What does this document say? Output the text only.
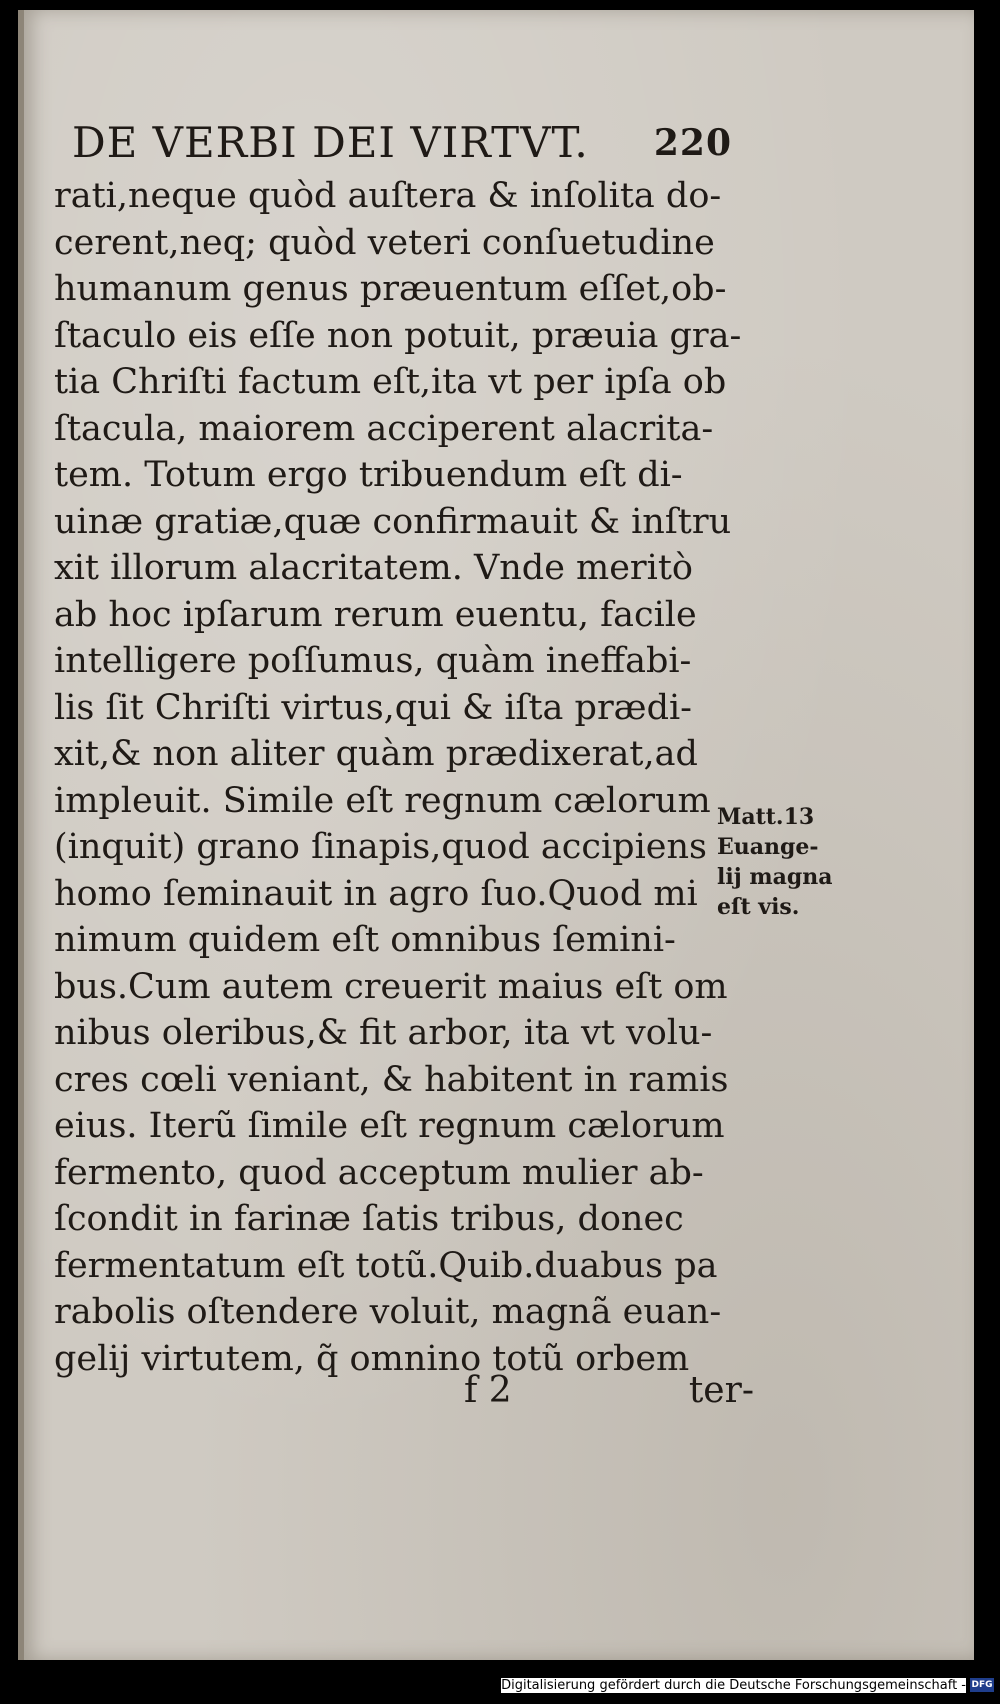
DE VERBI DEI VIRTVT. 220
rati,neque quòd auſtera & inſolita do-
cerent,neq; quòd veteri conſuetudine
humanum genus præuentum eſſet,ob-
ſtaculo eis eſſe non potuit, præuia gra-
tia Chriſti factum eſt,ita vt per ipſa ob
ſtacula, maiorem acciperent alacrita-
tem. Totum ergo tribuendum eſt di-
uinæ gratiæ,quæ confirmauit & inſtru
xit illorum alacritatem. Vnde meritò
ab hoc ipſarum rerum euentu, facile
intelligere poſſumus, quàm ineffabi-
lis ſit Chriſti virtus,qui & iſta prædi-
xit,& non aliter quàm prædixerat,ad
impleuit. Simile eſt regnum cælorum
(inquit) grano ſinapis,quod accipiens
homo ſeminauit in agro ſuo.Quod mi
nimum quidem eſt omnibus ſemini-
bus.Cum autem creuerit maius eſt om
nibus oleribus,& fit arbor, ita vt volu-
cres cœli veniant, & habitent in ramis
eius. Iterũ ſimile eſt regnum cælorum
fermento, quod acceptum mulier ab-
ſcondit in farinæ ſatis tribus, donec
fermentatum eſt totũ.Quib.duabus pa
rabolis oſtendere voluit, magnã euan-
gelij virtutem, q̃ omnino totũ orbem
Matt.13
Euange-
lij magna
eſt vis.
f 2	ter-
Digitalisierung gefördert durch die Deutsche Forschungsgemeinschaft - DFG
